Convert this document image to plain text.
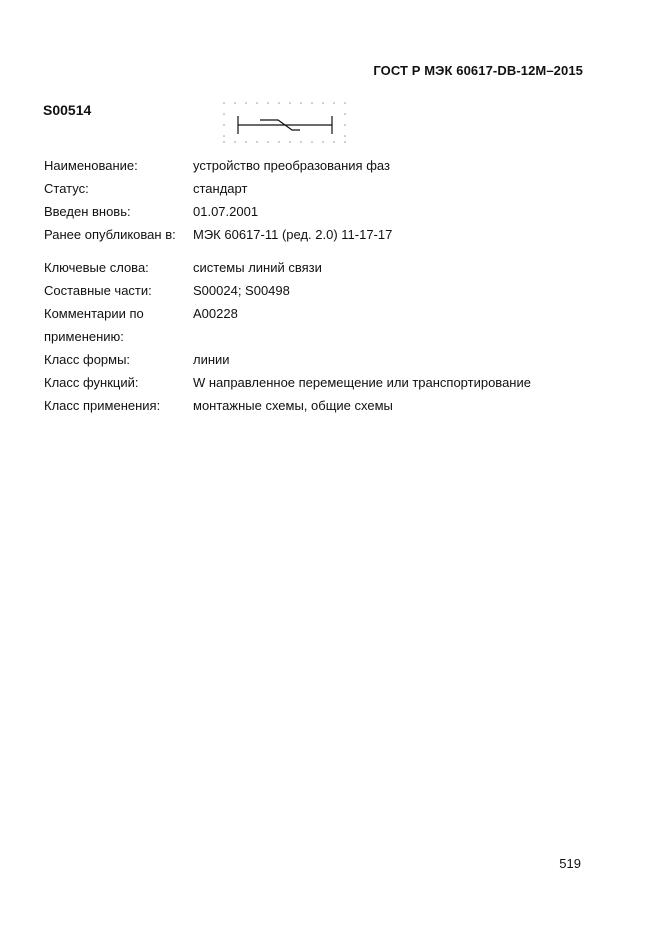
ГОСТ Р МЭК 60617-DB-12M–2015
S00514
Наименование:	устройство преобразования фаз
Статус:	стандарт
Введен вновь:	01.07.2001
Ранее опубликован в:	МЭК 60617-11 (ред. 2.0) 11-17-17
Ключевые слова:	системы линий связи
Составные части:	S00024; S00498
Комментарии по	A00228
применению:
Класс формы:	линии
Класс функций:	W направленное перемещение или транспортирование
Класс применения:	монтажные схемы, общие схемы
519
